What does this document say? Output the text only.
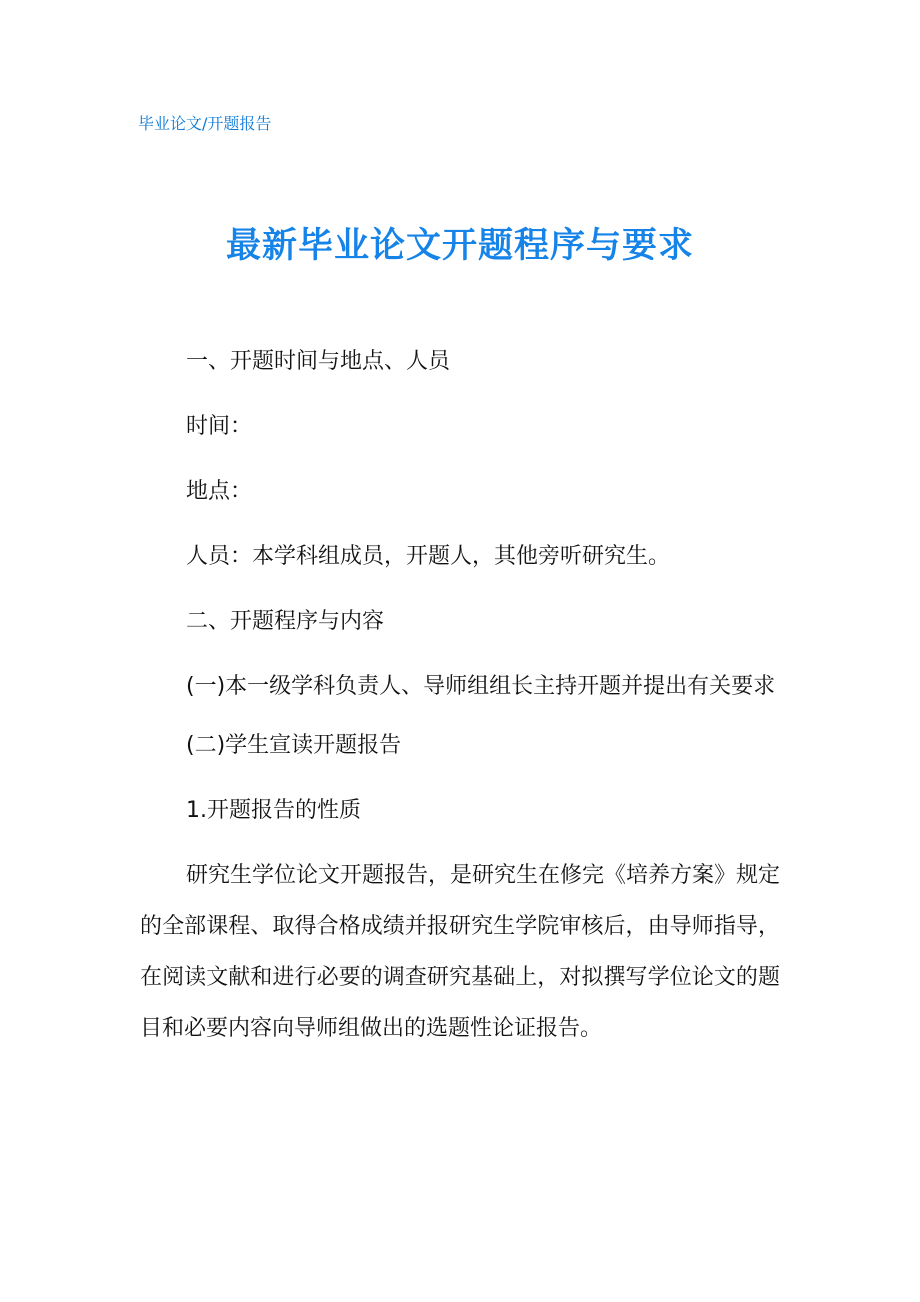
毕业论文/开题报告
最新毕业论文开题程序与要求

一、开题时间与地点、人员

时间：

地点：

人员：本学科组成员，开题人，其他旁听研究生。

二、开题程序与内容

(一)本一级学科负责人、导师组组长主持开题并提出有关要求

(二)学生宣读开题报告

1.开题报告的性质

研究生学位论文开题报告，是研究生在修完《培养方案》规定的全部课程、取得合格成绩并报研究生学院审核后，由导师指导，在阅读文献和进行必要的调查研究基础上，对拟撰写学位论文的题目和必要内容向导师组做出的选题性论证报告。
